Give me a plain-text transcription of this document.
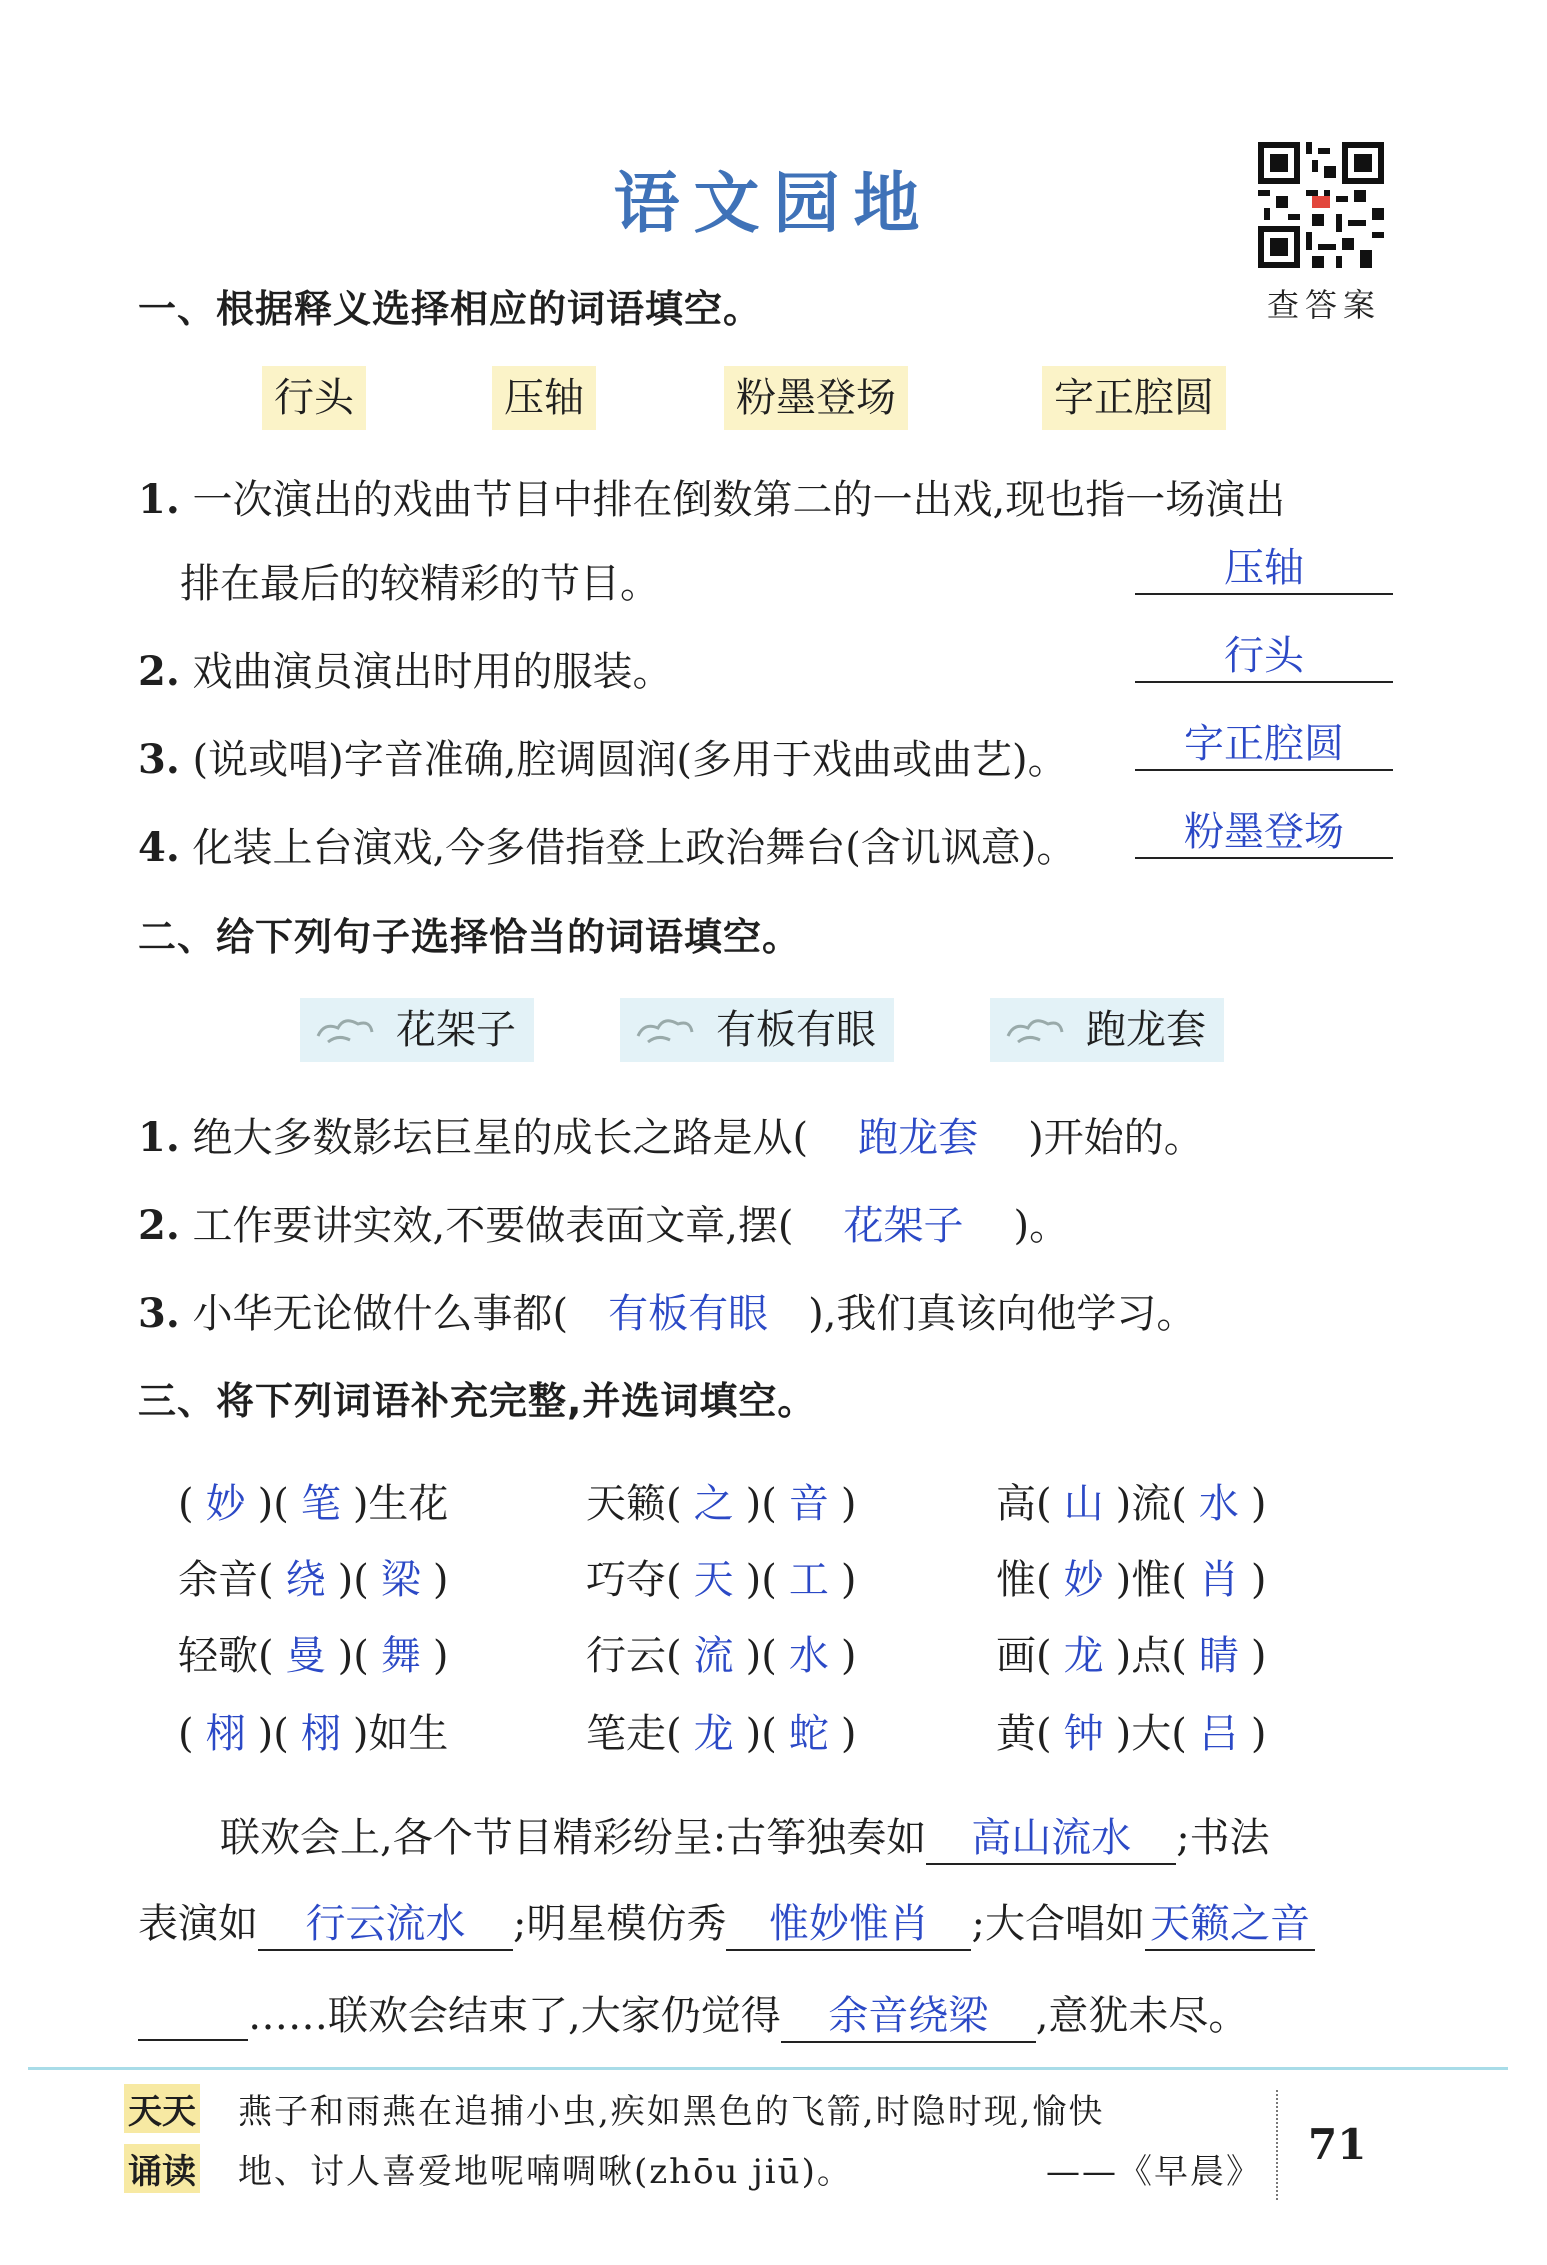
语文园地
查答案
一、根据释义选择相应的词语填空。
行头	压轴	粉墨登场	字正腔圆
1. 一次演出的戏曲节目中排在倒数第二的一出戏,现也指一场演出
排在最后的较精彩的节目。	压轴
2. 戏曲演员演出时用的服装。	行头
3. (说或唱)字音准确,腔调圆润(多用于戏曲或曲艺)。	字正腔圆
4. 化装上台演戏,今多借指登上政治舞台(含讥讽意)。	粉墨登场
二、给下列句子选择恰当的词语填空。
花架子	有板有眼	跑龙套
1. 绝大多数影坛巨星的成长之路是从( 跑龙套 )开始的。
2. 工作要讲实效,不要做表面文章,摆( 花架子 )。
3. 小华无论做什么事都( 有板有眼 ),我们真该向他学习。
三、将下列词语补充完整,并选词填空。
( 妙 )( 笔 )生花	天籁( 之 )( 音 )	高( 山 )流( 水 )
余音( 绕 )( 梁 )	巧夺( 天 )( 工 )	惟( 妙 )惟( 肖 )
轻歌( 曼 )( 舞 )	行云( 流 )( 水 )	画( 龙 )点( 睛 )
( 栩 )( 栩 )如生	笔走( 龙 )( 蛇 )	黄( 钟 )大( 吕 )
联欢会上,各个节目精彩纷呈:古筝独奏如 高山流水 ;书法
表演如 行云流水 ;明星模仿秀 惟妙惟肖 ;大合唱如 天籁之音
……联欢会结束了,大家仍觉得 余音绕梁 ,意犹未尽。
天天
诵读
燕子和雨燕在追捕小虫,疾如黑色的飞箭,时隐时现,愉快
地、讨人喜爱地呢喃啁啾(zhōu jiū)。	——《早晨》
71
